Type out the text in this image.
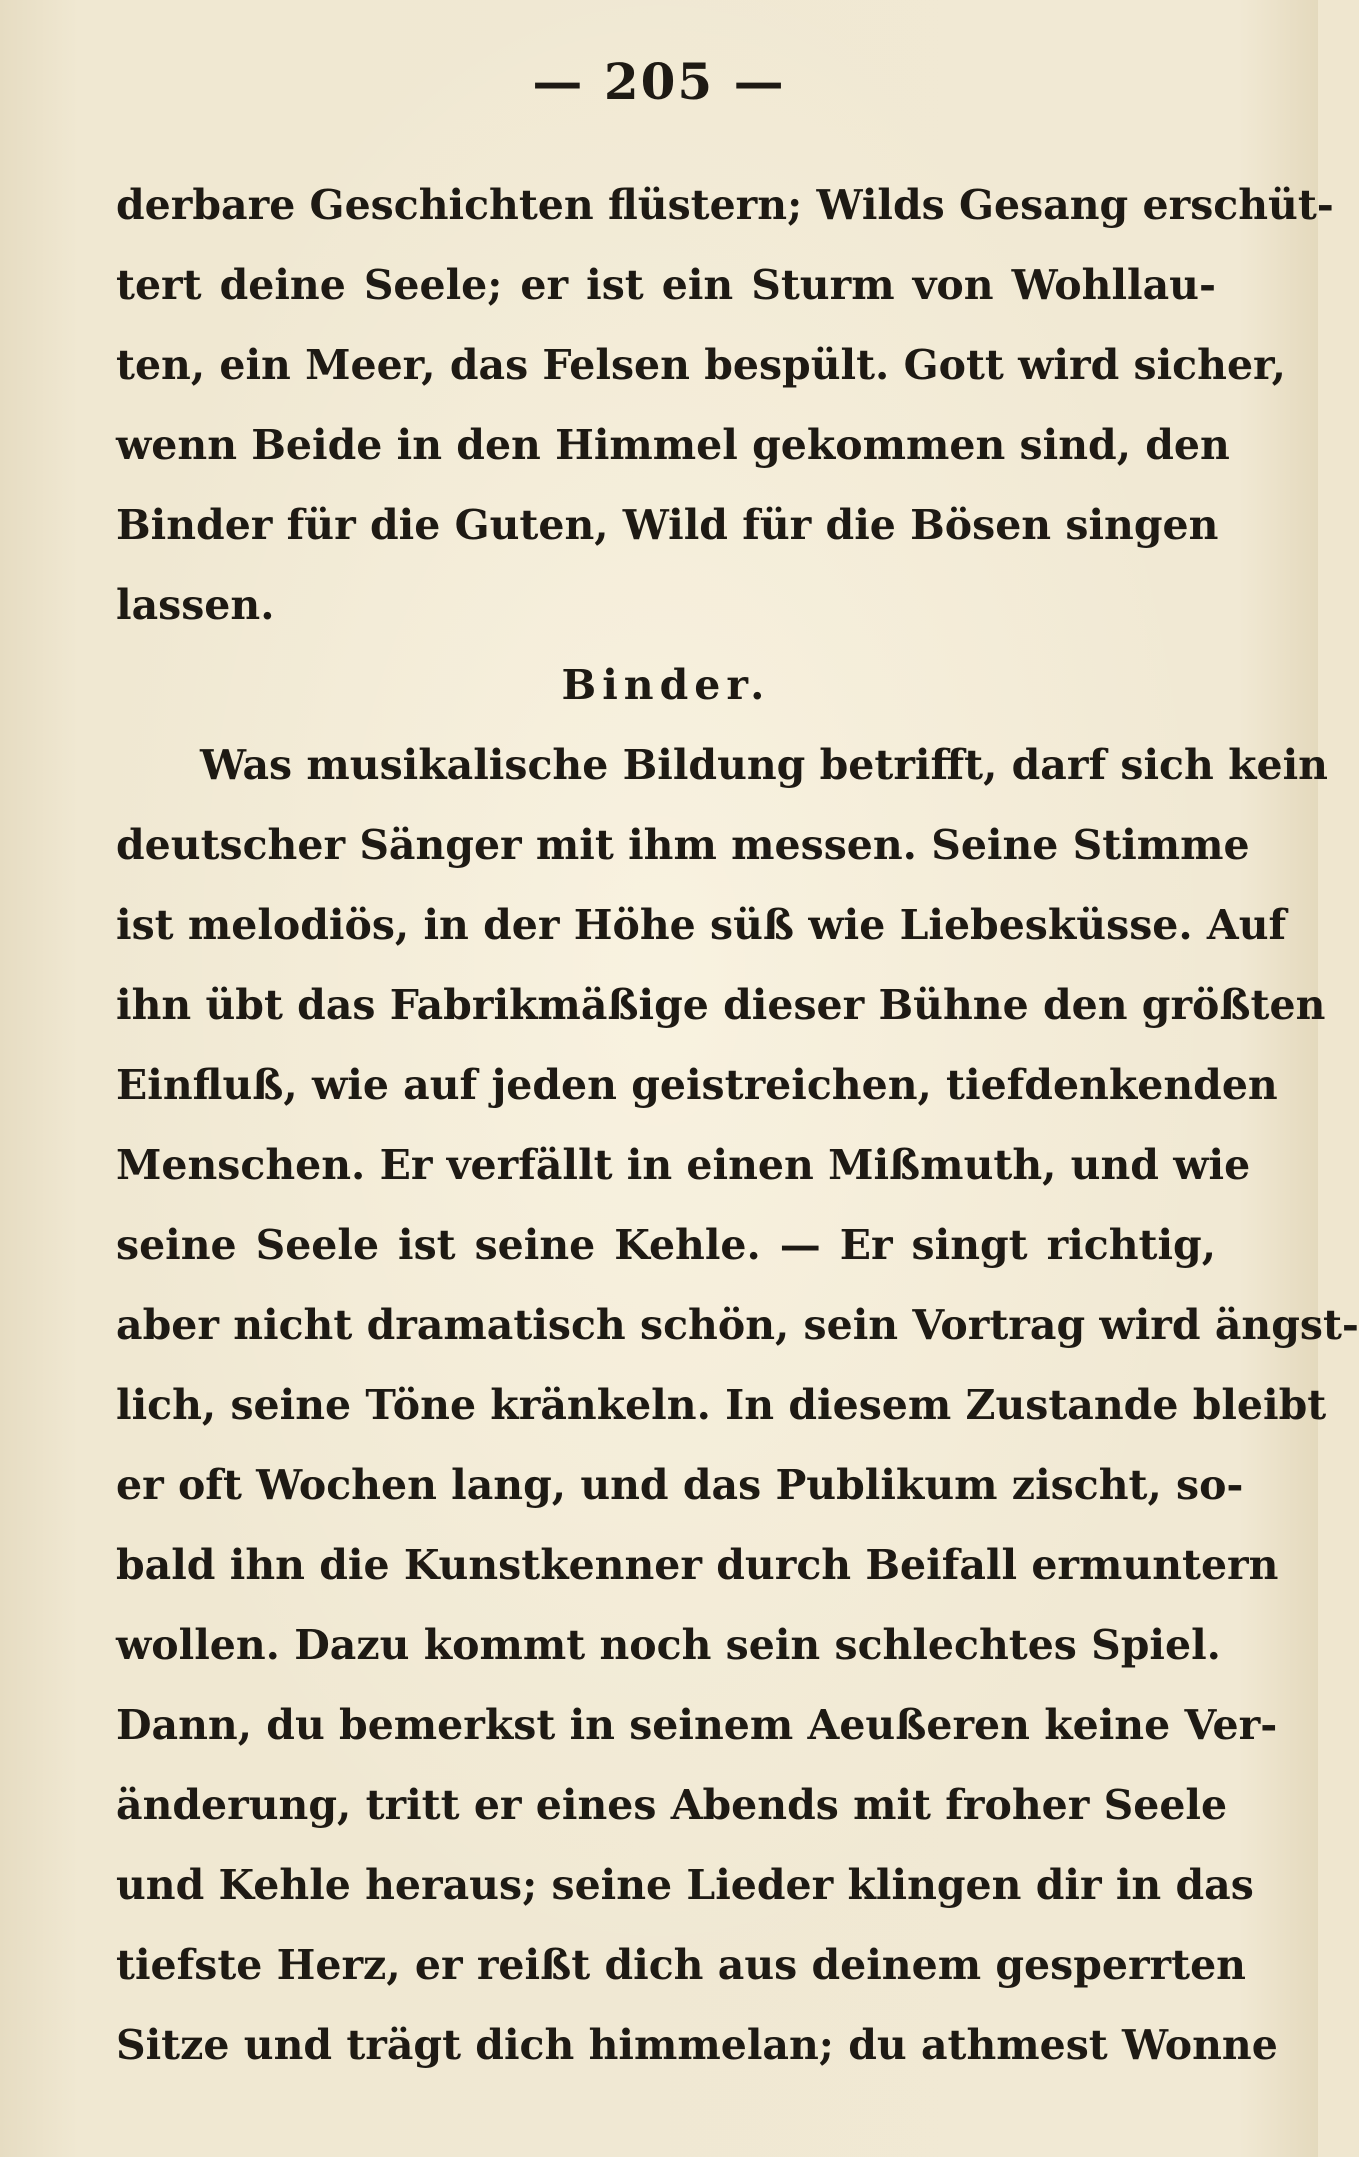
— 205 —
derbare Geschichten flüstern; Wilds Gesang erschüt-
tert deine Seele; er ist ein Sturm von Wohllau-
ten, ein Meer, das Felsen bespült. Gott wird sicher,
wenn Beide in den Himmel gekommen sind, den
Binder für die Guten, Wild für die Bösen singen
lassen.
Binder.
Was musikalische Bildung betrifft, darf sich kein
deutscher Sänger mit ihm messen. Seine Stimme
ist melodiös, in der Höhe süß wie Liebesküsse. Auf
ihn übt das Fabrikmäßige dieser Bühne den größten
Einfluß, wie auf jeden geistreichen, tiefdenkenden
Menschen. Er verfällt in einen Mißmuth, und wie
seine Seele ist seine Kehle. — Er singt richtig,
aber nicht dramatisch schön, sein Vortrag wird ängst-
lich, seine Töne kränkeln. In diesem Zustande bleibt
er oft Wochen lang, und das Publikum zischt, so-
bald ihn die Kunstkenner durch Beifall ermuntern
wollen. Dazu kommt noch sein schlechtes Spiel.
Dann, du bemerkst in seinem Aeußeren keine Ver-
änderung, tritt er eines Abends mit froher Seele
und Kehle heraus; seine Lieder klingen dir in das
tiefste Herz, er reißt dich aus deinem gesperrten
Sitze und trägt dich himmelan; du athmest Wonne
